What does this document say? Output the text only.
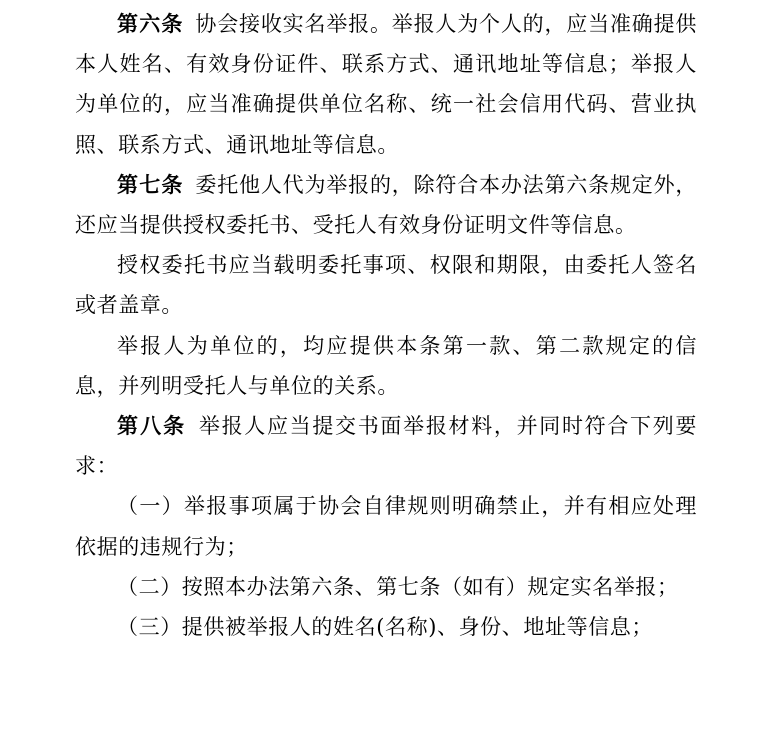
第六条 协会接收实名举报。举报人为个人的，应当准确提供本人姓名、有效身份证件、联系方式、通讯地址等信息；举报人为单位的，应当准确提供单位名称、统一社会信用代码、营业执照、联系方式、通讯地址等信息。

第七条 委托他人代为举报的，除符合本办法第六条规定外，还应当提供授权委托书、受托人有效身份证明文件等信息。

授权委托书应当载明委托事项、权限和期限，由委托人签名或者盖章。

举报人为单位的，均应提供本条第一款、第二款规定的信息，并列明受托人与单位的关系。

第八条 举报人应当提交书面举报材料，并同时符合下列要求：

（一）举报事项属于协会自律规则明确禁止，并有相应处理依据的违规行为；

（二）按照本办法第六条、第七条（如有）规定实名举报；

（三）提供被举报人的姓名(名称)、身份、地址等信息；
